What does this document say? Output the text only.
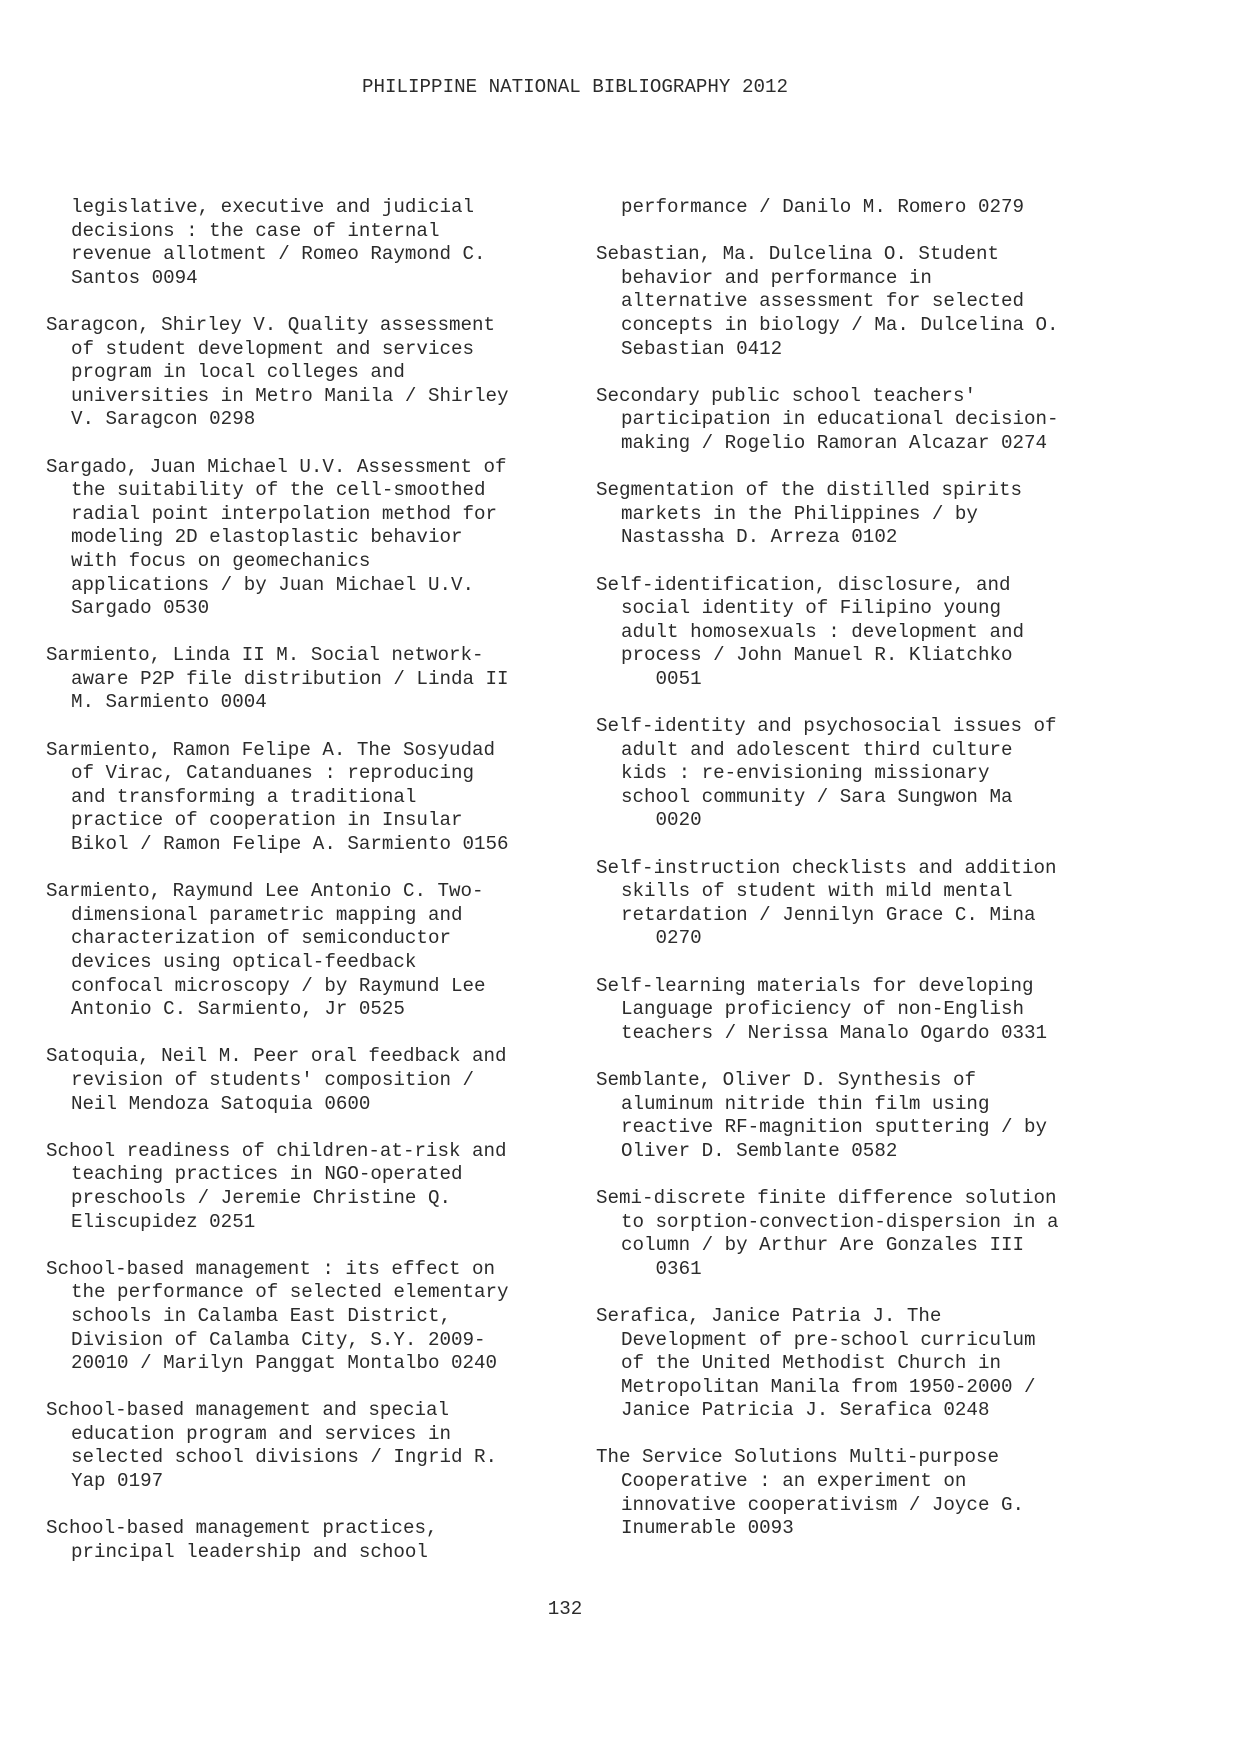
PHILIPPINE NATIONAL BIBLIOGRAPHY 2012

legislative, executive and judicial
decisions : the case of internal
revenue allotment / Romeo Raymond C.
Santos 0094

Saragcon, Shirley V. Quality assessment
of student development and services
program in local colleges and
universities in Metro Manila / Shirley
V. Saragcon 0298

Sargado, Juan Michael U.V. Assessment of
the suitability of the cell-smoothed
radial point interpolation method for
modeling 2D elastoplastic behavior
with focus on geomechanics
applications / by Juan Michael U.V.
Sargado 0530

Sarmiento, Linda II M. Social network-
aware P2P file distribution / Linda II
M. Sarmiento 0004

Sarmiento, Ramon Felipe A. The Sosyudad
of Virac, Catanduanes : reproducing
and transforming a traditional
practice of cooperation in Insular
Bikol / Ramon Felipe A. Sarmiento 0156

Sarmiento, Raymund Lee Antonio C. Two-
dimensional parametric mapping and
characterization of semiconductor
devices using optical-feedback
confocal microscopy / by Raymund Lee
Antonio C. Sarmiento, Jr 0525

Satoquia, Neil M. Peer oral feedback and
revision of students' composition /
Neil Mendoza Satoquia 0600

School readiness of children-at-risk and
teaching practices in NGO-operated
preschools / Jeremie Christine Q.
Eliscupidez 0251

School-based management : its effect on
the performance of selected elementary
schools in Calamba East District,
Division of Calamba City, S.Y. 2009-
20010 / Marilyn Panggat Montalbo 0240

School-based management and special
education program and services in
selected school divisions / Ingrid R.
Yap 0197

School-based management practices,
principal leadership and school

performance / Danilo M. Romero 0279

Sebastian, Ma. Dulcelina O. Student
behavior and performance in
alternative assessment for selected
concepts in biology / Ma. Dulcelina O.
Sebastian 0412

Secondary public school teachers'
participation in educational decision-
making / Rogelio Ramoran Alcazar 0274

Segmentation of the distilled spirits
markets in the Philippines / by
Nastassha D. Arreza 0102

Self-identification, disclosure, and
social identity of Filipino young
adult homosexuals : development and
process / John Manuel R. Kliatchko
0051

Self-identity and psychosocial issues of
adult and adolescent third culture
kids : re-envisioning missionary
school community / Sara Sungwon Ma
0020

Self-instruction checklists and addition
skills of student with mild mental
retardation / Jennilyn Grace C. Mina
0270

Self-learning materials for developing
Language proficiency of non-English
teachers / Nerissa Manalo Ogardo 0331

Semblante, Oliver D. Synthesis of
aluminum nitride thin film using
reactive RF-magnition sputtering / by
Oliver D. Semblante 0582

Semi-discrete finite difference solution
to sorption-convection-dispersion in a
column / by Arthur Are Gonzales III
0361

Serafica, Janice Patria J. The
Development of pre-school curriculum
of the United Methodist Church in
Metropolitan Manila from 1950-2000 /
Janice Patricia J. Serafica 0248

The Service Solutions Multi-purpose
Cooperative : an experiment on
innovative cooperativism / Joyce G.
Inumerable 0093

132
